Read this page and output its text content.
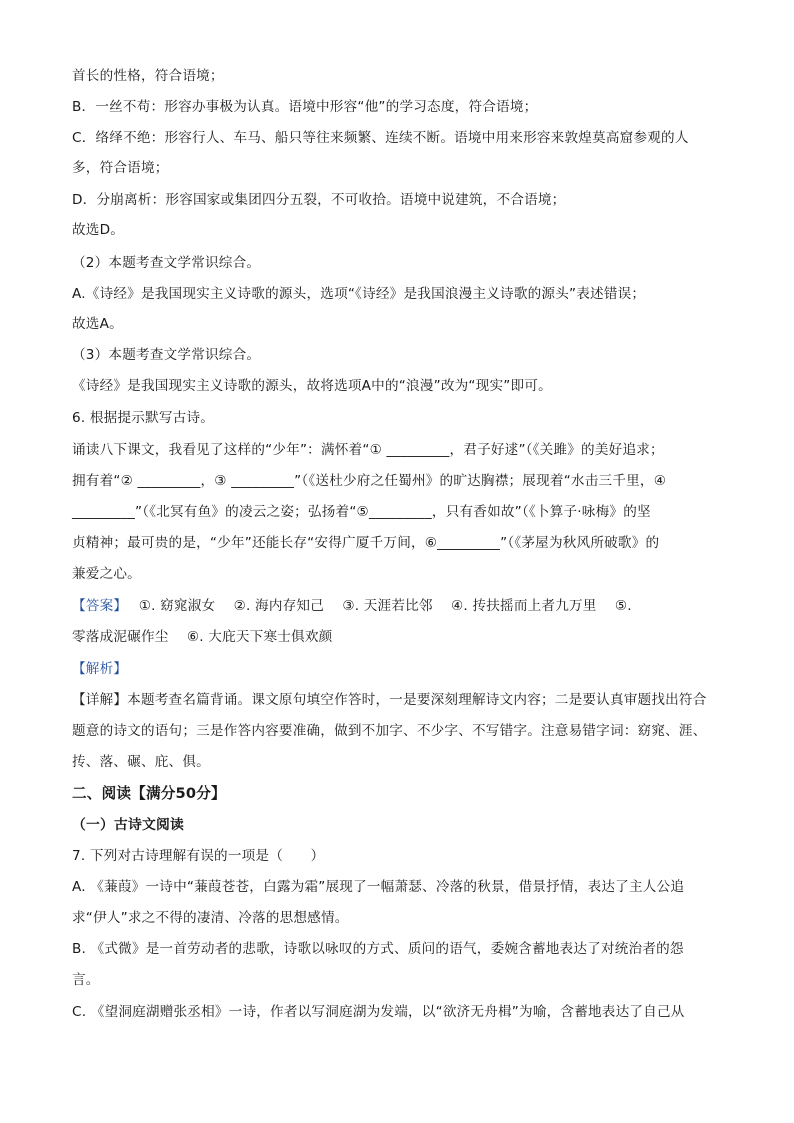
首长的性格，符合语境；
B．一丝不苟：形容办事极为认真。语境中形容“他”的学习态度，符合语境；
C．络绎不绝：形容行人、车马、船只等往来频繁、连续不断。语境中用来形容来敦煌莫高窟参观的人
多，符合语境；
D．分崩离析：形容国家或集团四分五裂，不可收拾。语境中说建筑，不合语境；
故选D。
（2）本题考查文学常识综合。
A.《诗经》是我国现实主义诗歌的源头，选项“《诗经》是我国浪漫主义诗歌的源头”表述错误；
故选A。
（3）本题考查文学常识综合。
《诗经》是我国现实主义诗歌的源头，故将选项A中的“浪漫”改为“现实”即可。
6. 根据提示默写古诗。
诵读八下课文，我看见了这样的“少年”：满怀着“① _________，君子好逑”（《关雎》的美好追求；
拥有着“② _________，③ _________”（《送杜少府之任蜀州》的旷达胸襟；展现着“水击三千里，④
_________”（《北冥有鱼》的凌云之姿；弘扬着“⑤_________，只有香如故”（《卜算子·咏梅》的坚
贞精神；最可贵的是，“少年”还能长存“安得广厦千万间，⑥_________”（《茅屋为秋风所破歌》的
兼爱之心。
【答案】　 ①. 窈窕淑女　 ②. 海内存知己　 ③. 天涯若比邻　 ④. 抟扶摇而上者九万里　 ⑤.
零落成泥碾作尘　 ⑥. 大庇天下寒士俱欢颜
【解析】
【详解】本题考查名篇背诵。课文原句填空作答时，一是要深刻理解诗文内容；二是要认真审题找出符合
题意的诗文的语句；三是作答内容要准确，做到不加字、不少字、不写错字。注意易错字词：窈窕、涯、
抟、落、碾、庇、俱。
二、阅读【满分50分】
（一）古诗文阅读
7. 下列对古诗理解有误的一项是（　　）
A. 《蒹葭》一诗中“蒹葭苍苍，白露为霜”展现了一幅萧瑟、冷落的秋景，借景抒情，表达了主人公追
求“伊人”求之不得的凄清、冷落的思想感情。
B. 《式微》是一首劳动者的悲歌，诗歌以咏叹的方式、质问的语气，委婉含蓄地表达了对统治者的怨
言。
C. 《望洞庭湖赠张丞相》一诗，作者以写洞庭湖为发端，以“欲济无舟楫”为喻，含蓄地表达了自己从
